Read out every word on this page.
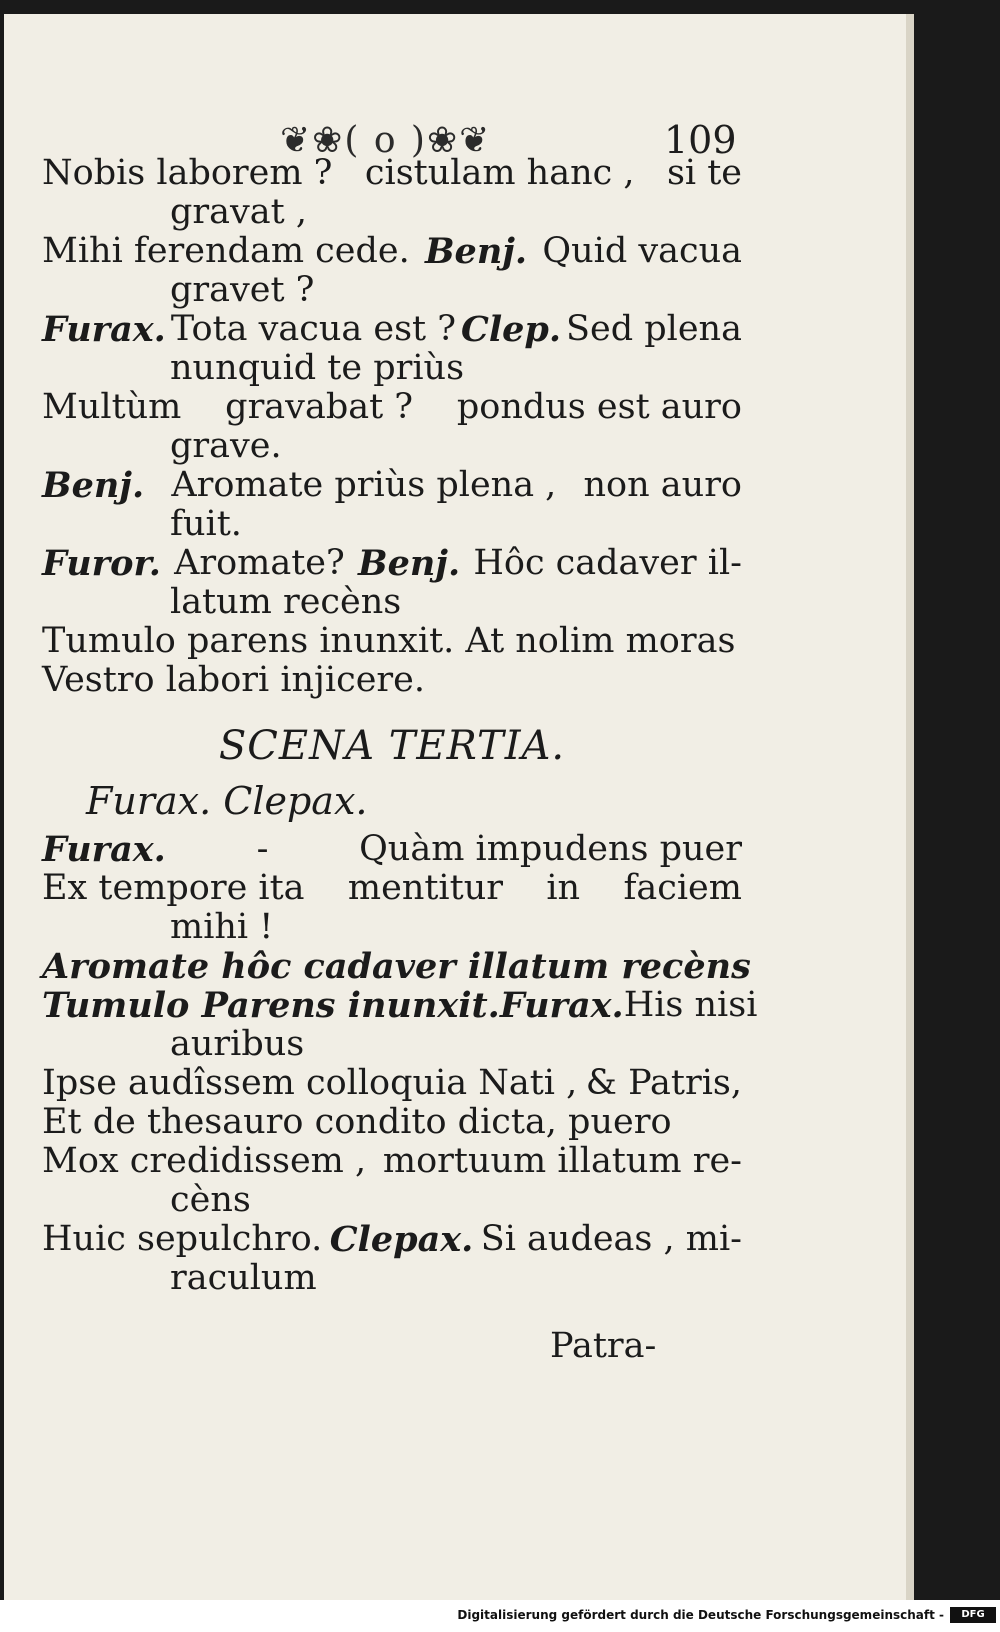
❦❀( o )❀❦	109
Nobis laborem ? cistulam hanc , si te
gravat ,
Mihi ferendam cede. Benj. Quid vacua
gravet ?
Furax. Tota vacua est ? Clep. Sed plena
nunquid te priùs
Multùm gravabat ? pondus est auro
grave.
Benj. Aromate priùs plena , non auro
fuit.
Furor. Aromate? Benj. Hôc cadaver il-
latum recèns
Tumulo parens inunxit. At nolim moras
Vestro labori injicere.
SCENA TERTIA.
Furax. Clepax.
Furax.	-	Quàm impudens puer
Ex tempore ita mentitur in faciem
mihi !
Aromate hôc cadaver illatum recèns
Tumulo Parens inunxit. Furax. His nisi
auribus
Ipse audîssem colloquia Nati , & Patris,
Et de thesauro condito dicta, puero
Mox credidissem , mortuum illatum re-
cèns
Huic sepulchro. Clepax. Si audeas , mi-
raculum
Patra-
Digitalisierung gefördert durch die Deutsche Forschungsgemeinschaft -	DFG
